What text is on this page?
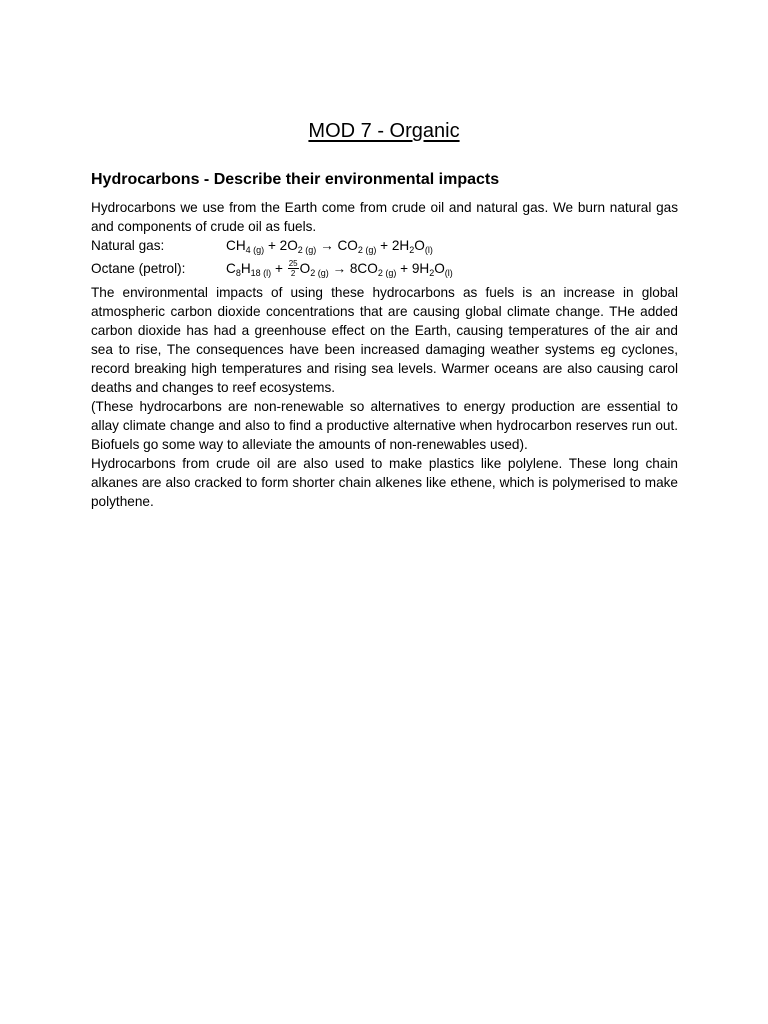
MOD 7 - Organic
Hydrocarbons - Describe their environmental impacts
Hydrocarbons we use from the Earth come from crude oil and natural gas. We burn natural gas and components of crude oil as fuels.
Natural gas:	$CH_{4 (g)} + 2O_{2 (g)} \to CO_{2 (g)} + 2H_2O_{(l)}$
Octane (petrol):	$C_8H_{18 (l)} + \frac{25}{2} O_{2 (g)} \to 8CO_{2 (g)} + 9H_2O_{(l)}$
The environmental impacts of using these hydrocarbons as fuels is an increase in global atmospheric carbon dioxide concentrations that are causing global climate change. THe added carbon dioxide has had a greenhouse effect on the Earth, causing temperatures of the air and sea to rise, The consequences have been increased damaging weather systems eg cyclones, record breaking high temperatures and rising sea levels. Warmer oceans are also causing carol deaths and changes to reef ecosystems.
(These hydrocarbons are non-renewable so alternatives to energy production are essential to allay climate change and also to find a productive alternative when hydrocarbon reserves run out. Biofuels go some way to alleviate the amounts of non-renewables used).
Hydrocarbons from crude oil are also used to make plastics like polylene. These long chain alkanes are also cracked to form shorter chain alkenes like ethene, which is polymerised to make polythene.
